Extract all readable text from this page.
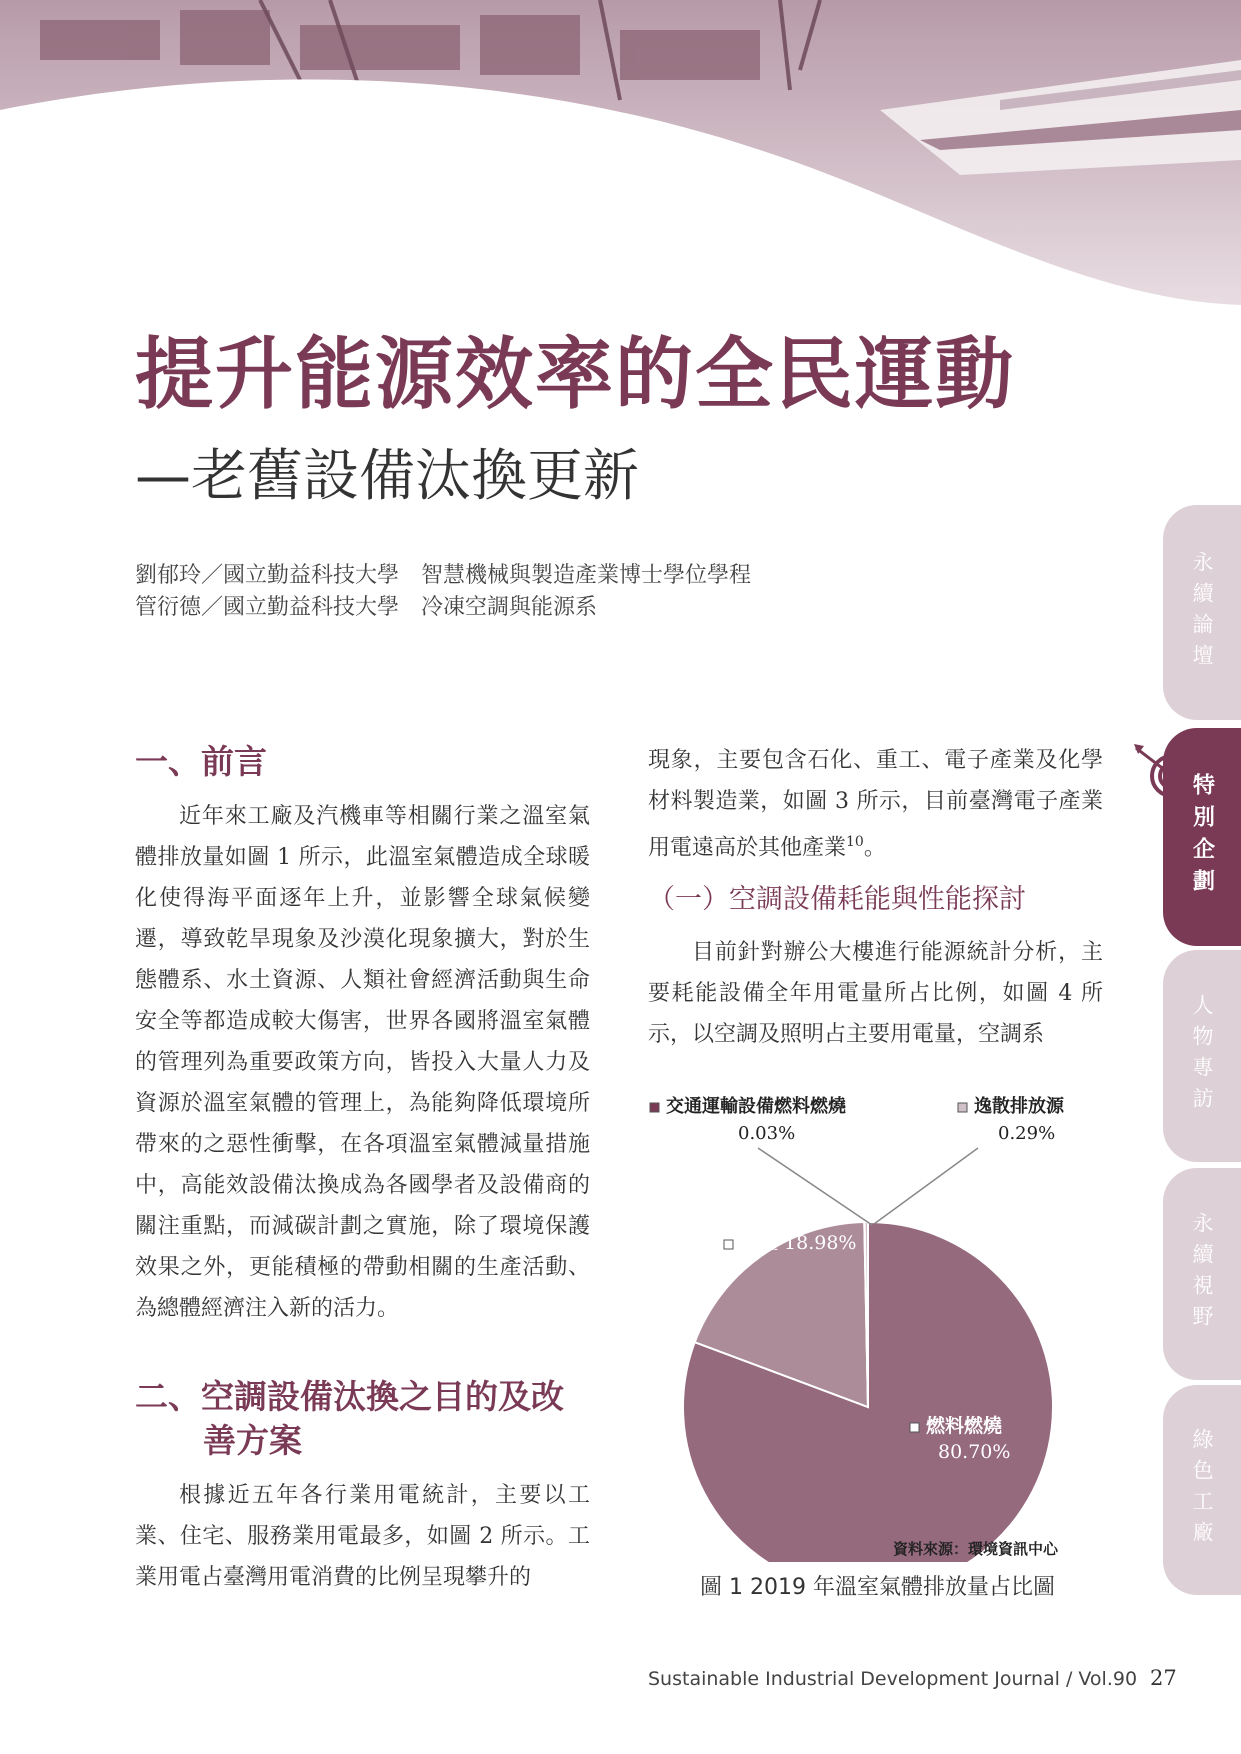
提升能源效率的全民運動
—老舊設備汰換更新
劉郁玲／國立勤益科技大學　智慧機械與製造產業博士學位學程
管衍德／國立勤益科技大學　冷凍空調與能源系
一、前言

近年來工廠及汽機車等相關行業之溫室氣體排放量如圖 1 所示，此溫室氣體造成全球暖化使得海平面逐年上升，並影響全球氣候變遷，導致乾旱現象及沙漠化現象擴大，對於生態體系、水土資源、人類社會經濟活動與生命安全等都造成較大傷害，世界各國將溫室氣體的管理列為重要政策方向，皆投入大量人力及資源於溫室氣體的管理上，為能夠降低環境所帶來的之惡性衝擊，在各項溫室氣體減量措施中，高能效設備汰換成為各國學者及設備商的關注重點，而減碳計劃之實施，除了環境保護效果之外，更能積極的帶動相關的生產活動、為總體經濟注入新的活力。

二、空調設備汰換之目的及改
善方案

根據近五年各行業用電統計，主要以工業、住宅、服務業用電最多，如圖 2 所示。工業用電占臺灣用電消費的比例呈現攀升的

現象，主要包含石化、重工、電子產業及化學材料製造業，如圖 3 所示，目前臺灣電子產業用電遠高於其他產業$^{10}$。

（一）空調設備耗能與性能探討

目前針對辦公大樓進行能源統計分析，主要耗能設備全年用電量所占比例，如圖 4 所示，以空調及照明占主要用電量，空調系

燃料燃燒
80.70%
製程 18.98%
交通運輸設備燃料燃燒
0.03%
逸散排放源
0.29%
資料來源：環境資訊中心
圖 1 2019 年溫室氣體排放量占比圖
永續論壇
特別企劃
人物專訪
永續視野
綠色工廠
Sustainable Industrial Development Journal / Vol.90 27
